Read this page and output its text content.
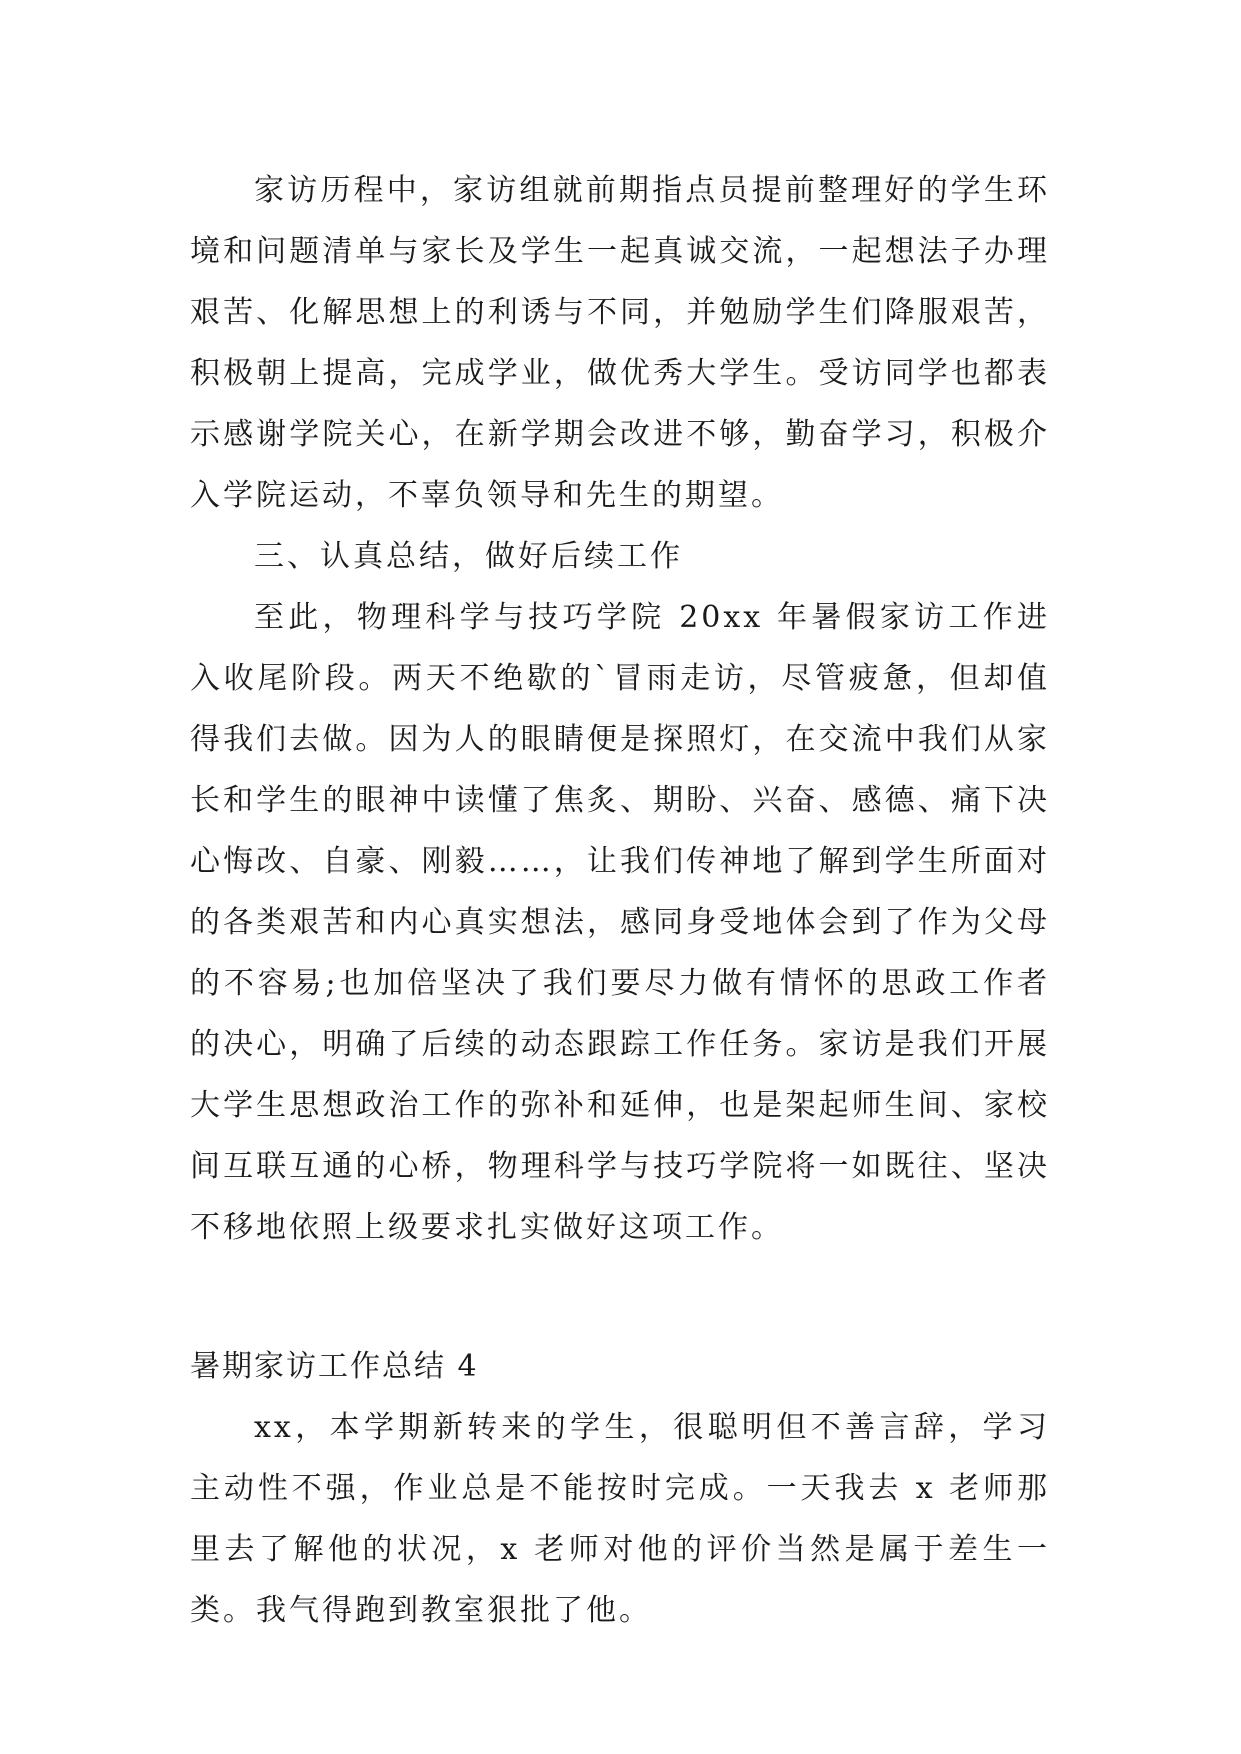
家访历程中，家访组就前期指点员提前整理好的学生环境和问题清单与家长及学生一起真诚交流，一起想法子办理艰苦、化解思想上的利诱与不同，并勉励学生们降服艰苦，积极朝上提高，完成学业，做优秀大学生。受访同学也都表示感谢学院关心，在新学期会改进不够，勤奋学习，积极介入学院运动，不辜负领导和先生的期望。

三、认真总结，做好后续工作

至此，物理科学与技巧学院 20xx 年暑假家访工作进入收尾阶段。两天不绝歇的`冒雨走访，尽管疲惫，但却值得我们去做。因为人的眼睛便是探照灯，在交流中我们从家长和学生的眼神中读懂了焦炙、期盼、兴奋、感德、痛下决心悔改、自豪、刚毅……，让我们传神地了解到学生所面对的各类艰苦和内心真实想法，感同身受地体会到了作为父母的不容易;也加倍坚决了我们要尽力做有情怀的思政工作者的决心，明确了后续的动态跟踪工作任务。家访是我们开展大学生思想政治工作的弥补和延伸，也是架起师生间、家校间互联互通的心桥，物理科学与技巧学院将一如既往、坚决不移地依照上级要求扎实做好这项工作。

暑期家访工作总结 4

xx，本学期新转来的学生，很聪明但不善言辞，学习主动性不强，作业总是不能按时完成。一天我去 x 老师那里去了解他的状况，x 老师对他的评价当然是属于差生一类。我气得跑到教室狠批了他。
